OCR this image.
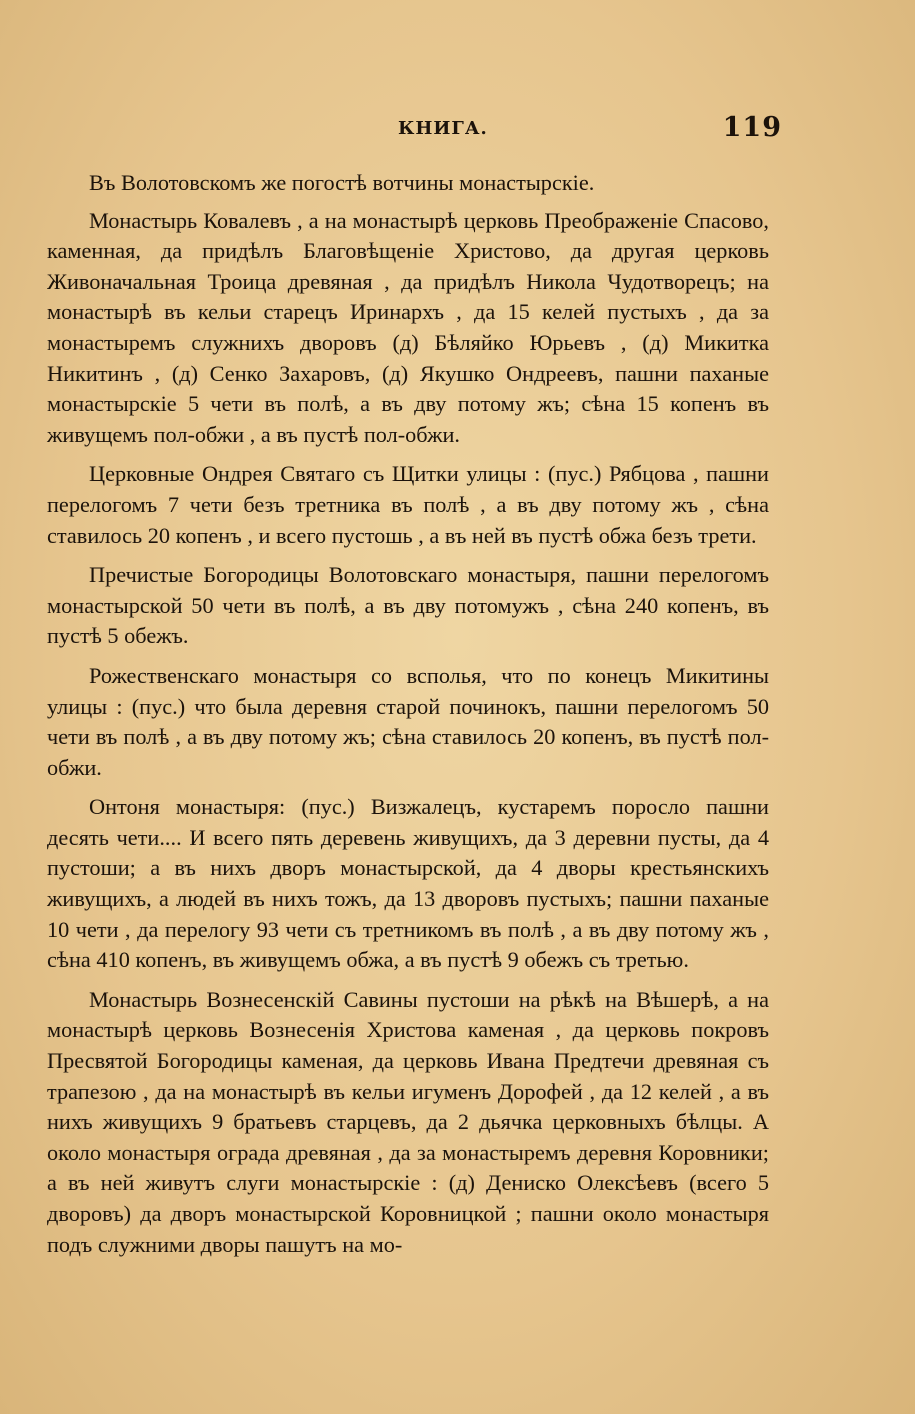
КНИГА.	119

Въ Волотовскомъ же погостѣ вотчины монастырскіе.

Монастырь Ковалевъ , а на монастырѣ церковь Преображеніе Спасово, каменная, да придѣлъ Благовѣщеніе Христово, да другая церковь Живоначальная Троица древяная , да придѣлъ Никола Чудотворецъ; на монастырѣ въ кельи старецъ Иринархъ , да 15 келей пустыхъ , да за монастыремъ служнихъ дворовъ (д) Бѣляйко Юрьевъ , (д) Микитка Никитинъ , (д) Сенко Захаровъ, (д) Якушко Ондреевъ, пашни паханые монастырскіе 5 чети въ полѣ, а въ дву потому жъ; сѣна 15 копенъ въ живущемъ пол-обжи , а въ пустѣ пол-обжи.

Церковные Ондрея Святаго съ Щитки улицы : (пус.) Рябцова , пашни перелогомъ 7 чети безъ третника въ полѣ , а въ дву потому жъ , сѣна ставилось 20 копенъ , и всего пустошь , а въ ней въ пустѣ обжа безъ трети.

Пречистые Богородицы Волотовскаго монастыря, пашни перелогомъ монастырской 50 чети въ полѣ, а въ дву потомужъ , сѣна 240 копенъ, въ пустѣ 5 обежъ.

Рожественскаго монастыря со всполья, что по конецъ Микитины улицы : (пус.) что была деревня старой починокъ, пашни перелогомъ 50 чети въ полѣ , а въ дву потому жъ; сѣна ставилось 20 копенъ, въ пустѣ пол-обжи.

Онтоня монастыря: (пус.) Визжалецъ, кустаремъ поросло пашни десять чети.... И всего пять деревень живущихъ, да 3 деревни пусты, да 4 пустоши; а въ нихъ дворъ монастырской, да 4 дворы крестьянскихъ живущихъ, а людей въ нихъ тожъ, да 13 дворовъ пустыхъ; пашни паханые 10 чети , да перелогу 93 чети съ третникомъ въ полѣ , а въ дву потому жъ , сѣна 410 копенъ, въ живущемъ обжа, а въ пустѣ 9 обежъ съ третью.

Монастырь Вознесенскій Савины пустоши на рѣкѣ на Вѣшерѣ, а на монастырѣ церковь Вознесенія Христова каменая , да церковь покровъ Пресвятой Богородицы каменая, да церковь Ивана Предтечи древяная съ трапезою , да на монастырѣ въ кельи игуменъ Дорофей , да 12 келей , а въ нихъ живущихъ 9 братьевъ старцевъ, да 2 дьячка церковныхъ бѣлцы. А около монастыря ограда древяная , да за монастыремъ деревня Коровники; а въ ней живутъ слуги монастырскіе : (д) Дениско Олексѣевъ (всего 5 дворовъ) да дворъ монастырской Коровницкой ; пашни около монастыря подъ служними дворы пашутъ на мо-
